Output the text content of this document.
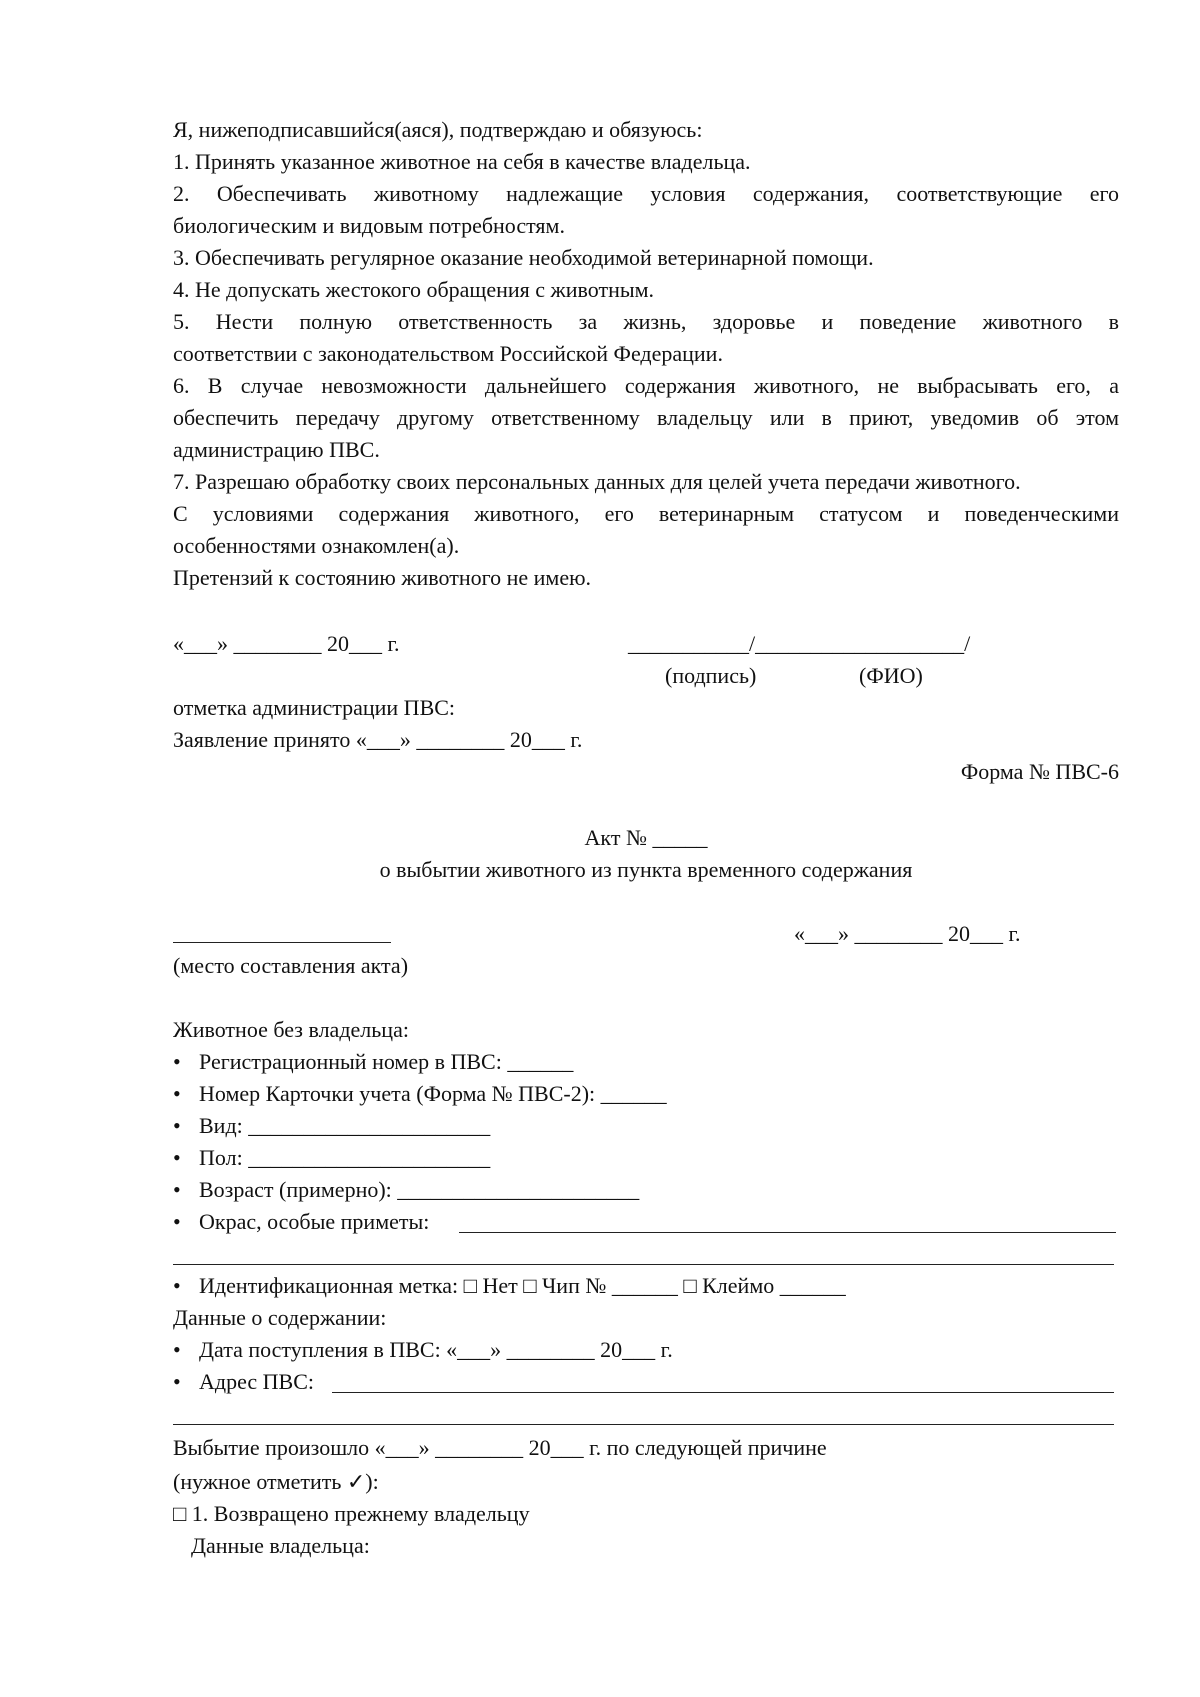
Я, нижеподписавшийся(аяся), подтверждаю и обязуюсь:
1. Принять указанное животное на себя в качестве владельца.
2. Обеспечивать животному надлежащие условия содержания, соответствующие его
биологическим и видовым потребностям.
3. Обеспечивать регулярное оказание необходимой ветеринарной помощи.
4. Не допускать жестокого обращения с животным.
5. Нести полную ответственность за жизнь, здоровье и поведение животного в
соответствии с законодательством Российской Федерации.
6. В случае невозможности дальнейшего содержания животного, не выбрасывать его, а
обеспечить передачу другому ответственному владельцу или в приют, уведомив об этом
администрацию ПВС.
7. Разрешаю обработку своих персональных данных для целей учета передачи животного.
С условиями содержания животного, его ветеринарным статусом и поведенческими
особенностями ознакомлен(а).
Претензий к состоянию животного не имею.
«___» ________ 20___ г.	___________/___________________/
(подпись)	(ФИО)
отметка администрации ПВС:
Заявление принято «___» ________ 20___ г.
Форма № ПВС-6
Акт № _____
о выбытии животного из пункта временного содержания
«___» ________ 20___ г.
(место составления акта)
Животное без владельца:
• Регистрационный номер в ПВС: ______
• Номер Карточки учета (Форма № ПВС-2): ______
• Вид: ______________________
• Пол: ______________________
• Возраст (примерно): ______________________
• Окрас, особые приметы:
• Идентификационная метка: □ Нет □ Чип № ______ □ Клеймо ______
Данные о содержании:
• Дата поступления в ПВС: «___» ________ 20___ г.
• Адрес ПВС:
Выбытие произошло «___» ________ 20___ г. по следующей причине
(нужное отметить ✓):
□ 1. Возвращено прежнему владельцу
Данные владельца:
